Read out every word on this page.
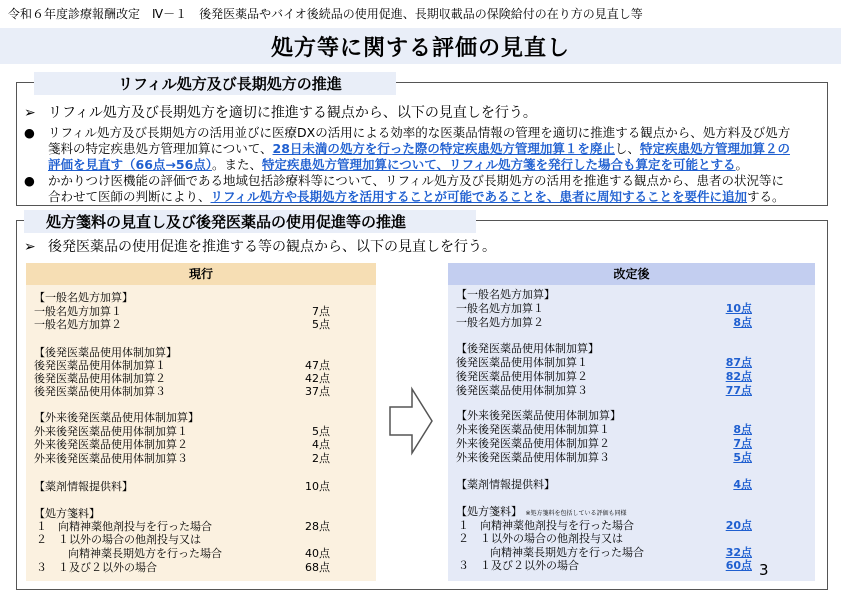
令和６年度診療報酬改定　Ⅳ－１　後発医薬品やバイオ後続品の使用促進、長期収載品の保険給付の在り方の見直し等
処方等に関する評価の見直し
リフィル処方及び長期処方の推進
➢ リフィル処方及び長期処方を適切に推進する観点から、以下の見直しを行う。
● リフィル処方及び長期処方の活用並びに医療DXの活用による効率的な医薬品情報の管理を適切に推進する観点から、処方料及び処方
箋料の特定疾患処方管理加算について、28日未満の処方を行った際の特定疾患処方管理加算１を廃止し、特定疾患処方管理加算２の
評価を見直す（66点→56点）。また、特定疾患処方管理加算について、リフィル処方箋を発行した場合も算定を可能とする。
● かかりつけ医機能の評価である地域包括診療料等について、リフィル処方及び長期処方の活用を推進する観点から、患者の状況等に
合わせて医師の判断により、リフィル処方や長期処方を活用することが可能であることを、患者に周知することを要件に追加する。
処方箋料の見直し及び後発医薬品の使用促進等の推進
➢ 後発医薬品の使用促進を推進する等の観点から、以下の見直しを行う。
現行
【一般名処方加算】
一般名処方加算１	7点
一般名処方加算２	5点
【後発医薬品使用体制加算】
後発医薬品使用体制加算１	47点
後発医薬品使用体制加算２	42点
後発医薬品使用体制加算３	37点
【外来後発医薬品使用体制加算】
外来後発医薬品使用体制加算１	5点
外来後発医薬品使用体制加算２	4点
外来後発医薬品使用体制加算３	2点
【薬剤情報提供料】	10点
【処方箋料】
１　向精神薬他剤投与を行った場合	28点
２　１以外の場合の他剤投与又は
向精神薬長期処方を行った場合	40点
３　１及び２以外の場合	68点
改定後
【一般名処方加算】
一般名処方加算１	10点
一般名処方加算２	8点
【後発医薬品使用体制加算】
後発医薬品使用体制加算１	87点
後発医薬品使用体制加算２	82点
後発医薬品使用体制加算３	77点
【外来後発医薬品使用体制加算】
外来後発医薬品使用体制加算１	8点
外来後発医薬品使用体制加算２	7点
外来後発医薬品使用体制加算３	5点
【薬剤情報提供料】	4点
【処方箋料】 ※処方箋料を包括している評価も同様
１　向精神薬他剤投与を行った場合	20点
２　１以外の場合の他剤投与又は
向精神薬長期処方を行った場合	32点
３　１及び２以外の場合	60点 3
